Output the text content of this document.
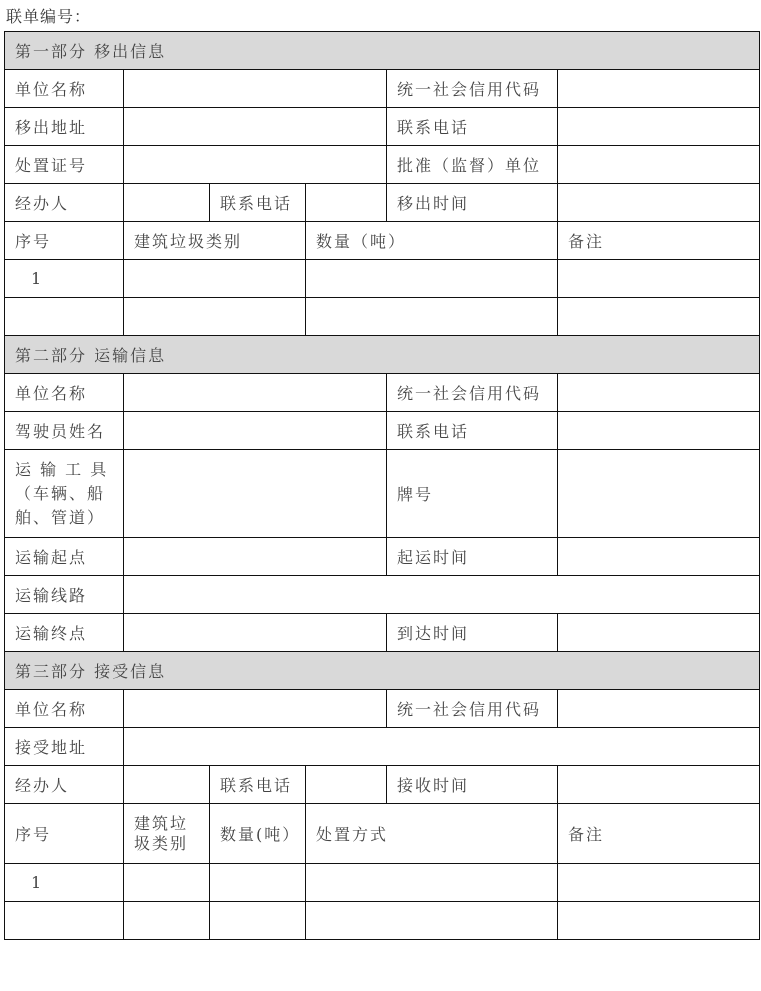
联单编号：
第一部分 移出信息					
单位名称				统一社会信用代码	
移出地址				联系电话	
处置证号				批准（监督）单位	
经办人		联系电话		移出时间	
序号	建筑垃圾类别		数量（吨）		备注
1					

第二部分 运输信息					
单位名称				统一社会信用代码	
驾驶员姓名				联系电话	
运 输 工 具 （车辆、船舶、管道）				牌号	
运输起点				起运时间	
运输线路					
运输终点				到达时间	
第三部分 接受信息					
单位名称				统一社会信用代码	
接受地址					
经办人		联系电话		接收时间	
序号	建筑垃圾类别	数量(吨）	处置方式		备注
1					
